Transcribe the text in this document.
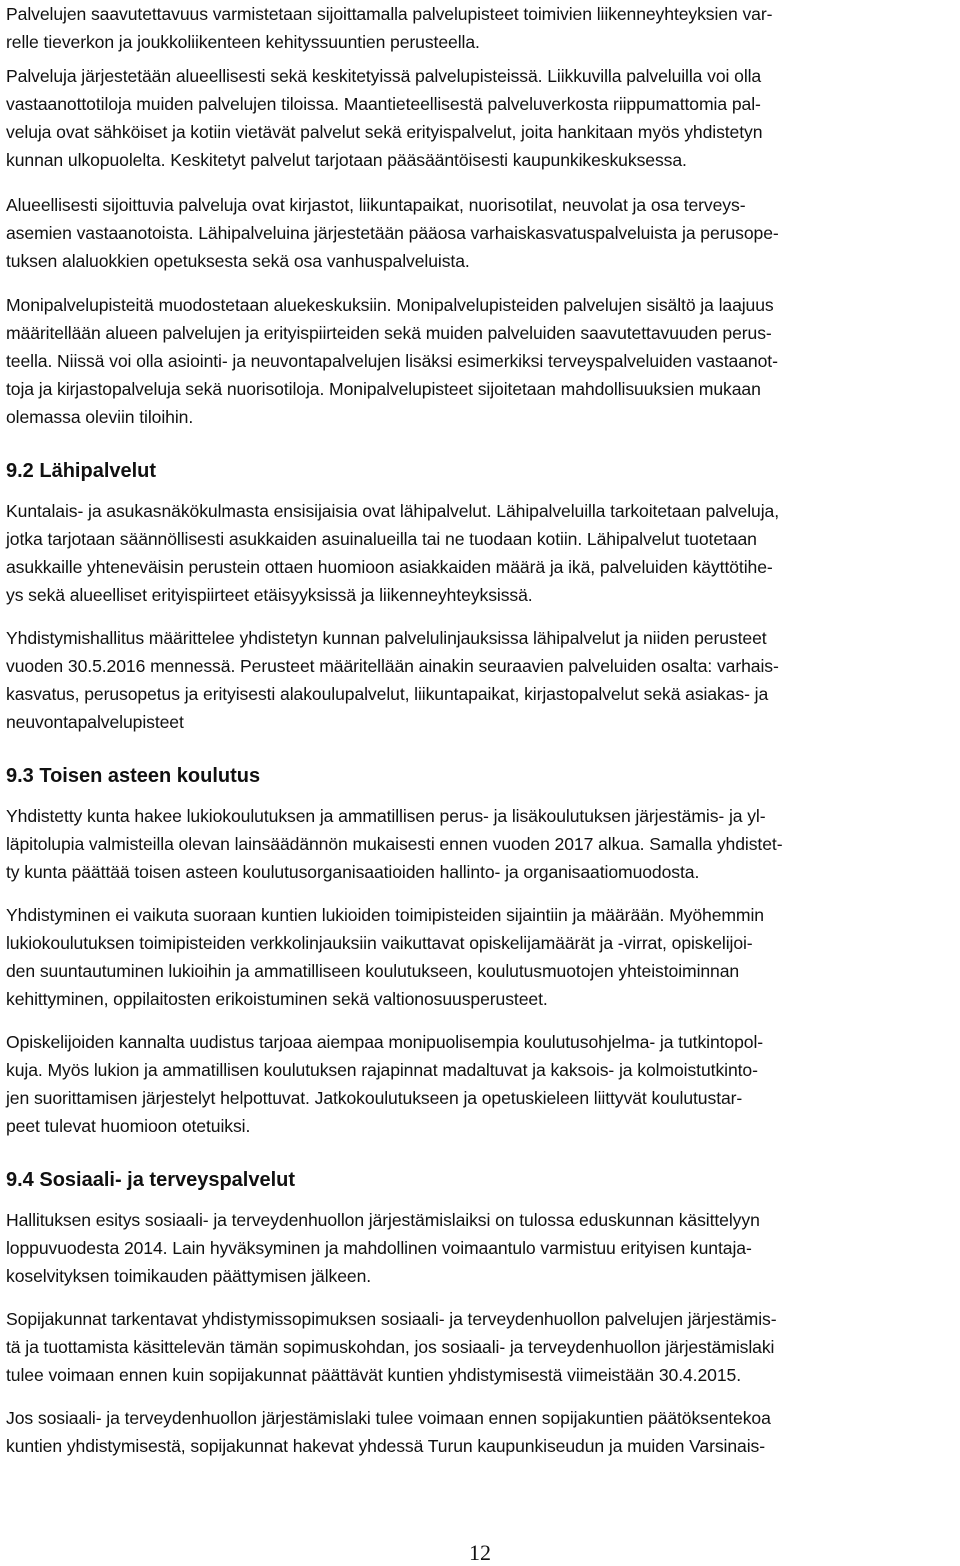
Palvelujen saavutettavuus varmistetaan sijoittamalla palvelupisteet toimivien liikenneyhteyksien var-
relle tieverkon ja joukkoliikenteen kehityssuuntien perusteella.
Palveluja järjestetään alueellisesti sekä keskitetyissä palvelupisteissä. Liikkuvilla palveluilla voi olla
vastaanottotiloja muiden palvelujen tiloissa. Maantieteellisestä palveluverkosta riippumattomia pal-
veluja ovat sähköiset ja kotiin vietävät palvelut sekä erityispalvelut, joita hankitaan myös yhdistetyn
kunnan ulkopuolelta. Keskitetyt palvelut tarjotaan pääsääntöisesti kaupunkikeskuksessa.
Alueellisesti sijoittuvia palveluja ovat kirjastot, liikuntapaikat, nuorisotilat, neuvolat ja osa terveys-
asemien vastaanotoista. Lähipalveluina järjestetään pääosa varhaiskasvatuspalveluista ja perusope-
tuksen alaluokkien opetuksesta sekä osa vanhuspalveluista.
Monipalvelupisteitä muodostetaan aluekeskuksiin. Monipalvelupisteiden palvelujen sisältö ja laajuus
määritellään alueen palvelujen ja erityispiirteiden sekä muiden palveluiden saavutettavuuden perus-
teella. Niissä voi olla asiointi- ja neuvontapalvelujen lisäksi esimerkiksi terveyspalveluiden vastaanot-
toja ja kirjastopalveluja sekä nuorisotiloja. Monipalvelupisteet sijoitetaan mahdollisuuksien mukaan
olemassa oleviin tiloihin.
9.2 Lähipalvelut
Kuntalais- ja asukasnäkökulmasta ensisijaisia ovat lähipalvelut. Lähipalveluilla tarkoitetaan palveluja,
jotka tarjotaan säännöllisesti asukkaiden asuinalueilla tai ne tuodaan kotiin. Lähipalvelut tuotetaan
asukkaille yhteneväisin perustein ottaen huomioon asiakkaiden määrä ja ikä, palveluiden käyttötihe-
ys sekä alueelliset erityispiirteet etäisyyksissä ja liikenneyhteyksissä.
Yhdistymishallitus määrittelee yhdistetyn kunnan palvelulinjauksissa lähipalvelut ja niiden perusteet
vuoden 30.5.2016 mennessä. Perusteet määritellään ainakin seuraavien palveluiden osalta: varhais-
kasvatus, perusopetus ja erityisesti alakoulupalvelut, liikuntapaikat, kirjastopalvelut sekä asiakas- ja
neuvontapalvelupisteet
9.3 Toisen asteen koulutus
Yhdistetty kunta hakee lukiokoulutuksen ja ammatillisen perus- ja lisäkoulutuksen järjestämis- ja yl-
läpitolupia valmisteilla olevan lainsäädännön mukaisesti ennen vuoden 2017 alkua. Samalla yhdistet-
ty kunta päättää toisen asteen koulutusorganisaatioiden hallinto- ja organisaatiomuodosta.
Yhdistyminen ei vaikuta suoraan kuntien lukioiden toimipisteiden sijaintiin ja määrään. Myöhemmin
lukiokoulutuksen toimipisteiden verkkolinjauksiin vaikuttavat opiskelijamäärät ja -virrat, opiskelijoi-
den suuntautuminen lukioihin ja ammatilliseen koulutukseen, koulutusmuotojen yhteistoiminnan
kehittyminen, oppilaitosten erikoistuminen sekä valtionosuusperusteet.
Opiskelijoiden kannalta uudistus tarjoaa aiempaa monipuolisempia koulutusohjelma- ja tutkintopol-
kuja. Myös lukion ja ammatillisen koulutuksen rajapinnat madaltuvat ja kaksois- ja kolmoistutkinto-
jen suorittamisen järjestelyt helpottuvat. Jatkokoulutukseen ja opetuskieleen liittyvät koulutustar-
peet tulevat huomioon otetuiksi.
9.4 Sosiaali- ja terveyspalvelut
Hallituksen esitys sosiaali- ja terveydenhuollon järjestämislaiksi on tulossa eduskunnan käsittelyyn
loppuvuodesta 2014. Lain hyväksyminen ja mahdollinen voimaantulo varmistuu erityisen kuntaja-
koselvityksen toimikauden päättymisen jälkeen.
Sopijakunnat tarkentavat yhdistymissopimuksen sosiaali- ja terveydenhuollon palvelujen järjestämis-
tä ja tuottamista käsittelevän tämän sopimuskohdan, jos sosiaali- ja terveydenhuollon järjestämislaki
tulee voimaan ennen kuin sopijakunnat päättävät kuntien yhdistymisestä viimeistään 30.4.2015.
Jos sosiaali- ja terveydenhuollon järjestämislaki tulee voimaan ennen sopijakuntien päätöksentekoa
kuntien yhdistymisestä, sopijakunnat hakevat yhdessä Turun kaupunkiseudun ja muiden Varsinais-
12
